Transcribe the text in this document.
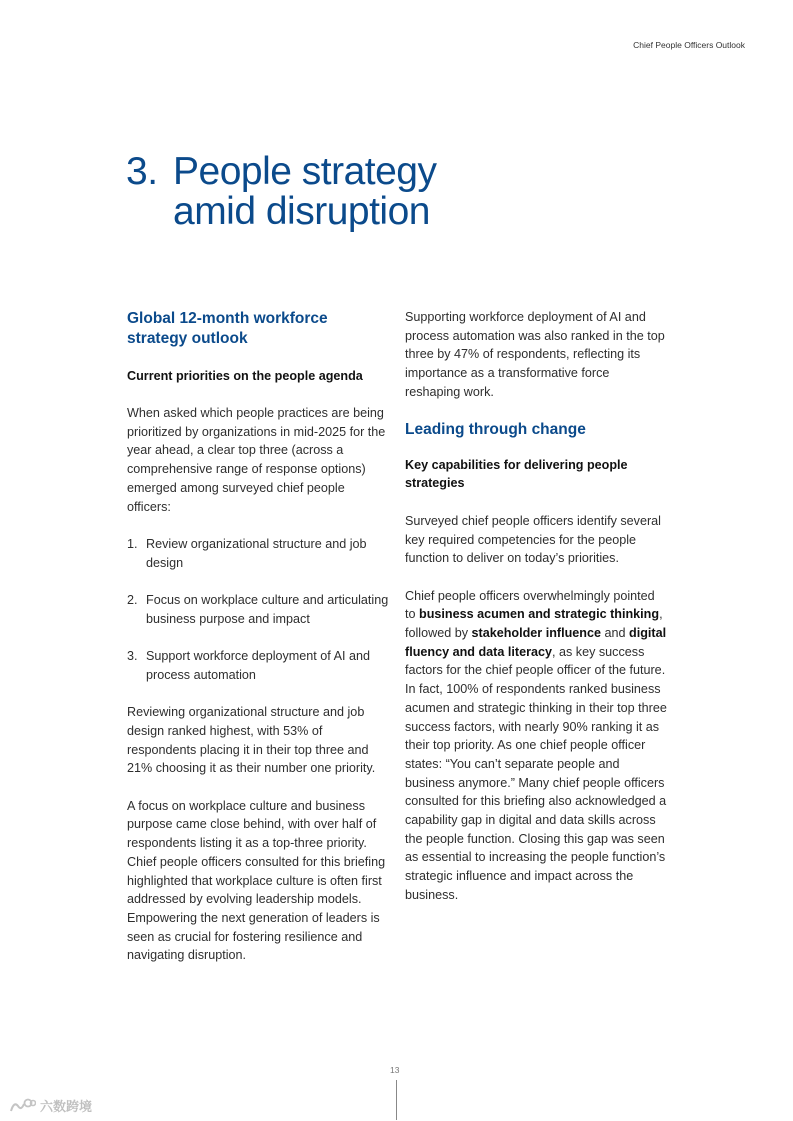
Chief People Officers Outlook
3. People strategy
amid disruption
Global 12-month workforce strategy outlook
Current priorities on the people agenda

When asked which people practices are being prioritized by organizations in mid-2025 for the year ahead, a clear top three (across a comprehensive range of response options) emerged among surveyed chief people officers:

1. Review organizational structure and job design
2. Focus on workplace culture and articulating business purpose and impact
3. Support workforce deployment of AI and process automation

Reviewing organizational structure and job design ranked highest, with 53% of respondents placing it in their top three and 21% choosing it as their number one priority.

A focus on workplace culture and business purpose came close behind, with over half of respondents listing it as a top-three priority. Chief people officers consulted for this briefing highlighted that workplace culture is often first addressed by evolving leadership models. Empowering the next generation of leaders is seen as crucial for fostering resilience and navigating disruption.

Supporting workforce deployment of AI and process automation was also ranked in the top three by 47% of respondents, reflecting its importance as a transformative force reshaping work.

Leading through change
Key capabilities for delivering people strategies

Surveyed chief people officers identify several key required competencies for the people function to deliver on today’s priorities.

Chief people officers overwhelmingly pointed to business acumen and strategic thinking, followed by stakeholder influence and digital fluency and data literacy, as key success factors for the chief people officer of the future. In fact, 100% of respondents ranked business acumen and strategic thinking in their top three success factors, with nearly 90% ranking it as their top priority. As one chief people officer states: “You can’t separate people and business anymore.” Many chief people officers consulted for this briefing also acknowledged a capability gap in digital and data skills across the people function. Closing this gap was seen as essential to increasing the people function’s strategic influence and impact across the business.

13
六数跨境
